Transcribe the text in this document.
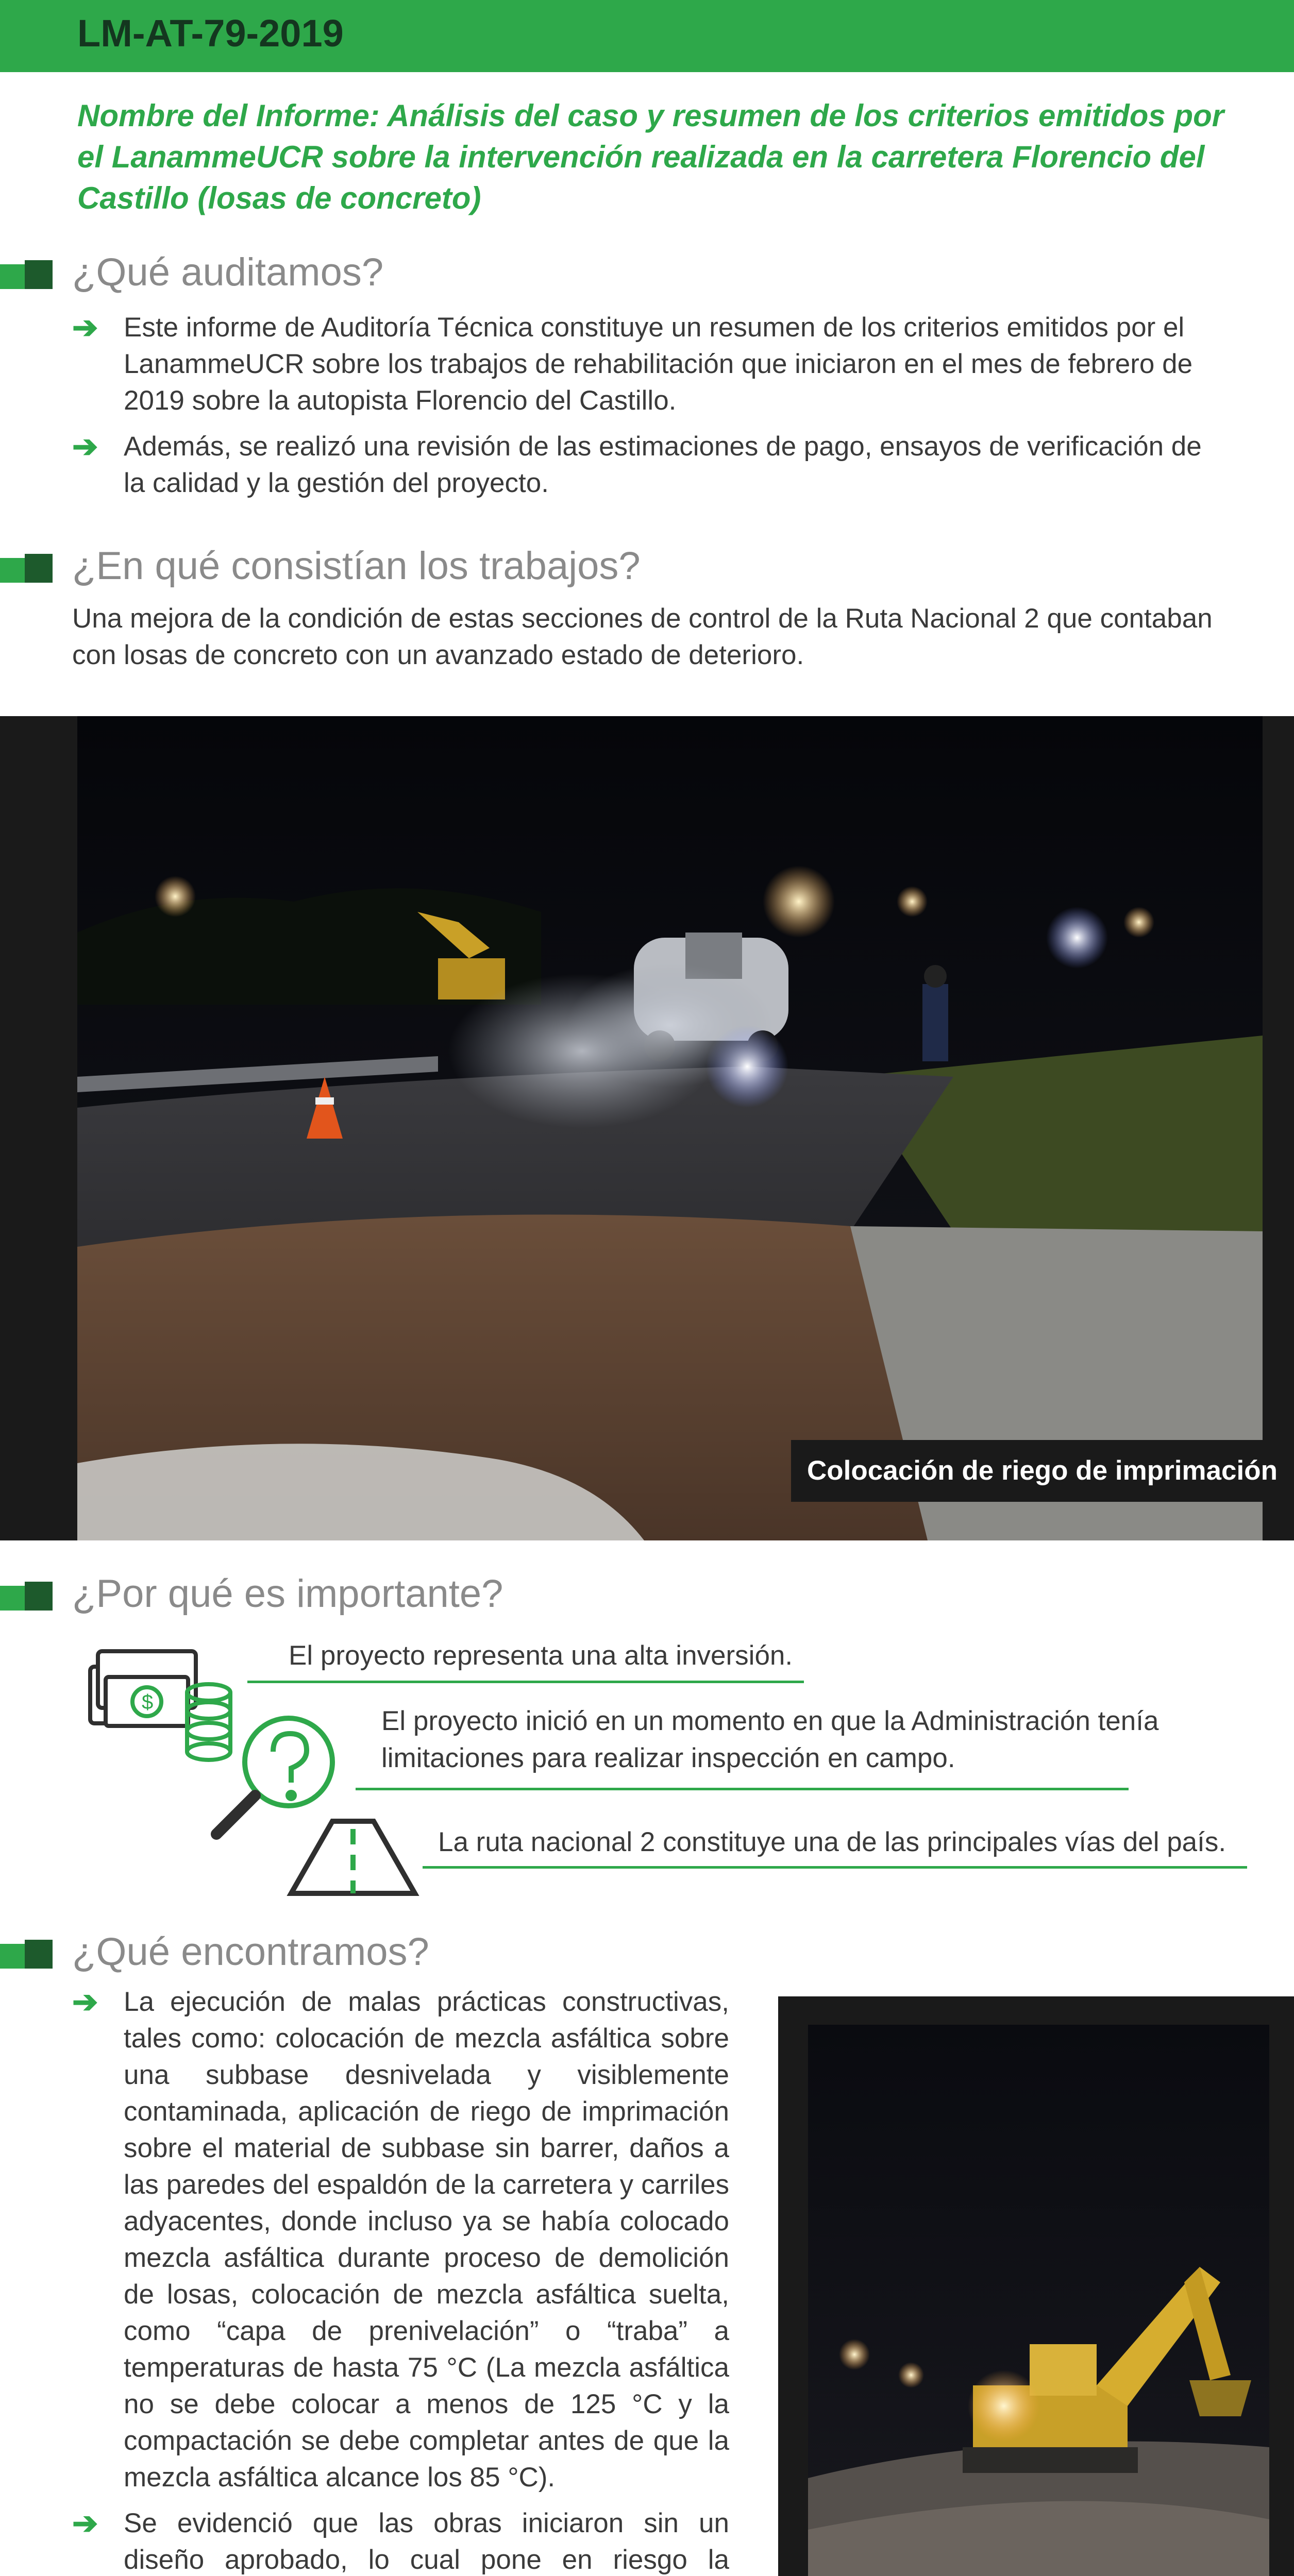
LM-AT-79-2019
Nombre del Informe: Análisis del caso y resumen de los criterios emitidos por el LanammeUCR sobre la intervención realizada en la carretera Florencio del Castillo (losas de concreto)
¿Qué auditamos?
➔ Este informe de Auditoría Técnica constituye un resumen de los criterios emitidos por el LanammeUCR sobre los trabajos de rehabilitación que iniciaron en el mes de febrero de 2019 sobre la autopista Florencio del Castillo.
➔ Además, se realizó una revisión de las estimaciones de pago, ensayos de verificación de la calidad y la gestión del proyecto.
¿En qué consistían los trabajos?
Una mejora de la condición de estas secciones de control de la Ruta Nacional 2 que contaban con losas de concreto con un avanzado estado de deterioro.
Colocación de riego de imprimación
¿Por qué es importante?
$
El proyecto representa una alta inversión.
El proyecto inició en un momento en que la Administración tenía limitaciones para realizar inspección en campo.
La ruta nacional 2 constituye una de las principales vías del país.
¿Qué encontramos?
➔ La ejecución de malas prácticas constructivas, tales como: colocación de mezcla asfáltica sobre una subbase desnivelada y visiblemente contaminada, aplicación de riego de imprimación sobre el material de subbase sin barrer, daños a las paredes del espaldón de la carretera y carriles adyacentes, donde incluso ya se había colocado mezcla asfáltica durante proceso de demolición de losas, colocación de mezcla asfáltica suelta, como “capa de prenivelación” o “traba” a temperaturas de hasta 75 °C (La mezcla asfáltica no se debe colocar a menos de 125 °C y la compactación se debe completar antes de que la mezcla asfáltica alcance los 85 °C).
➔ Se evidenció que las obras iniciaron sin un diseño aprobado, lo cual pone en riesgo la
